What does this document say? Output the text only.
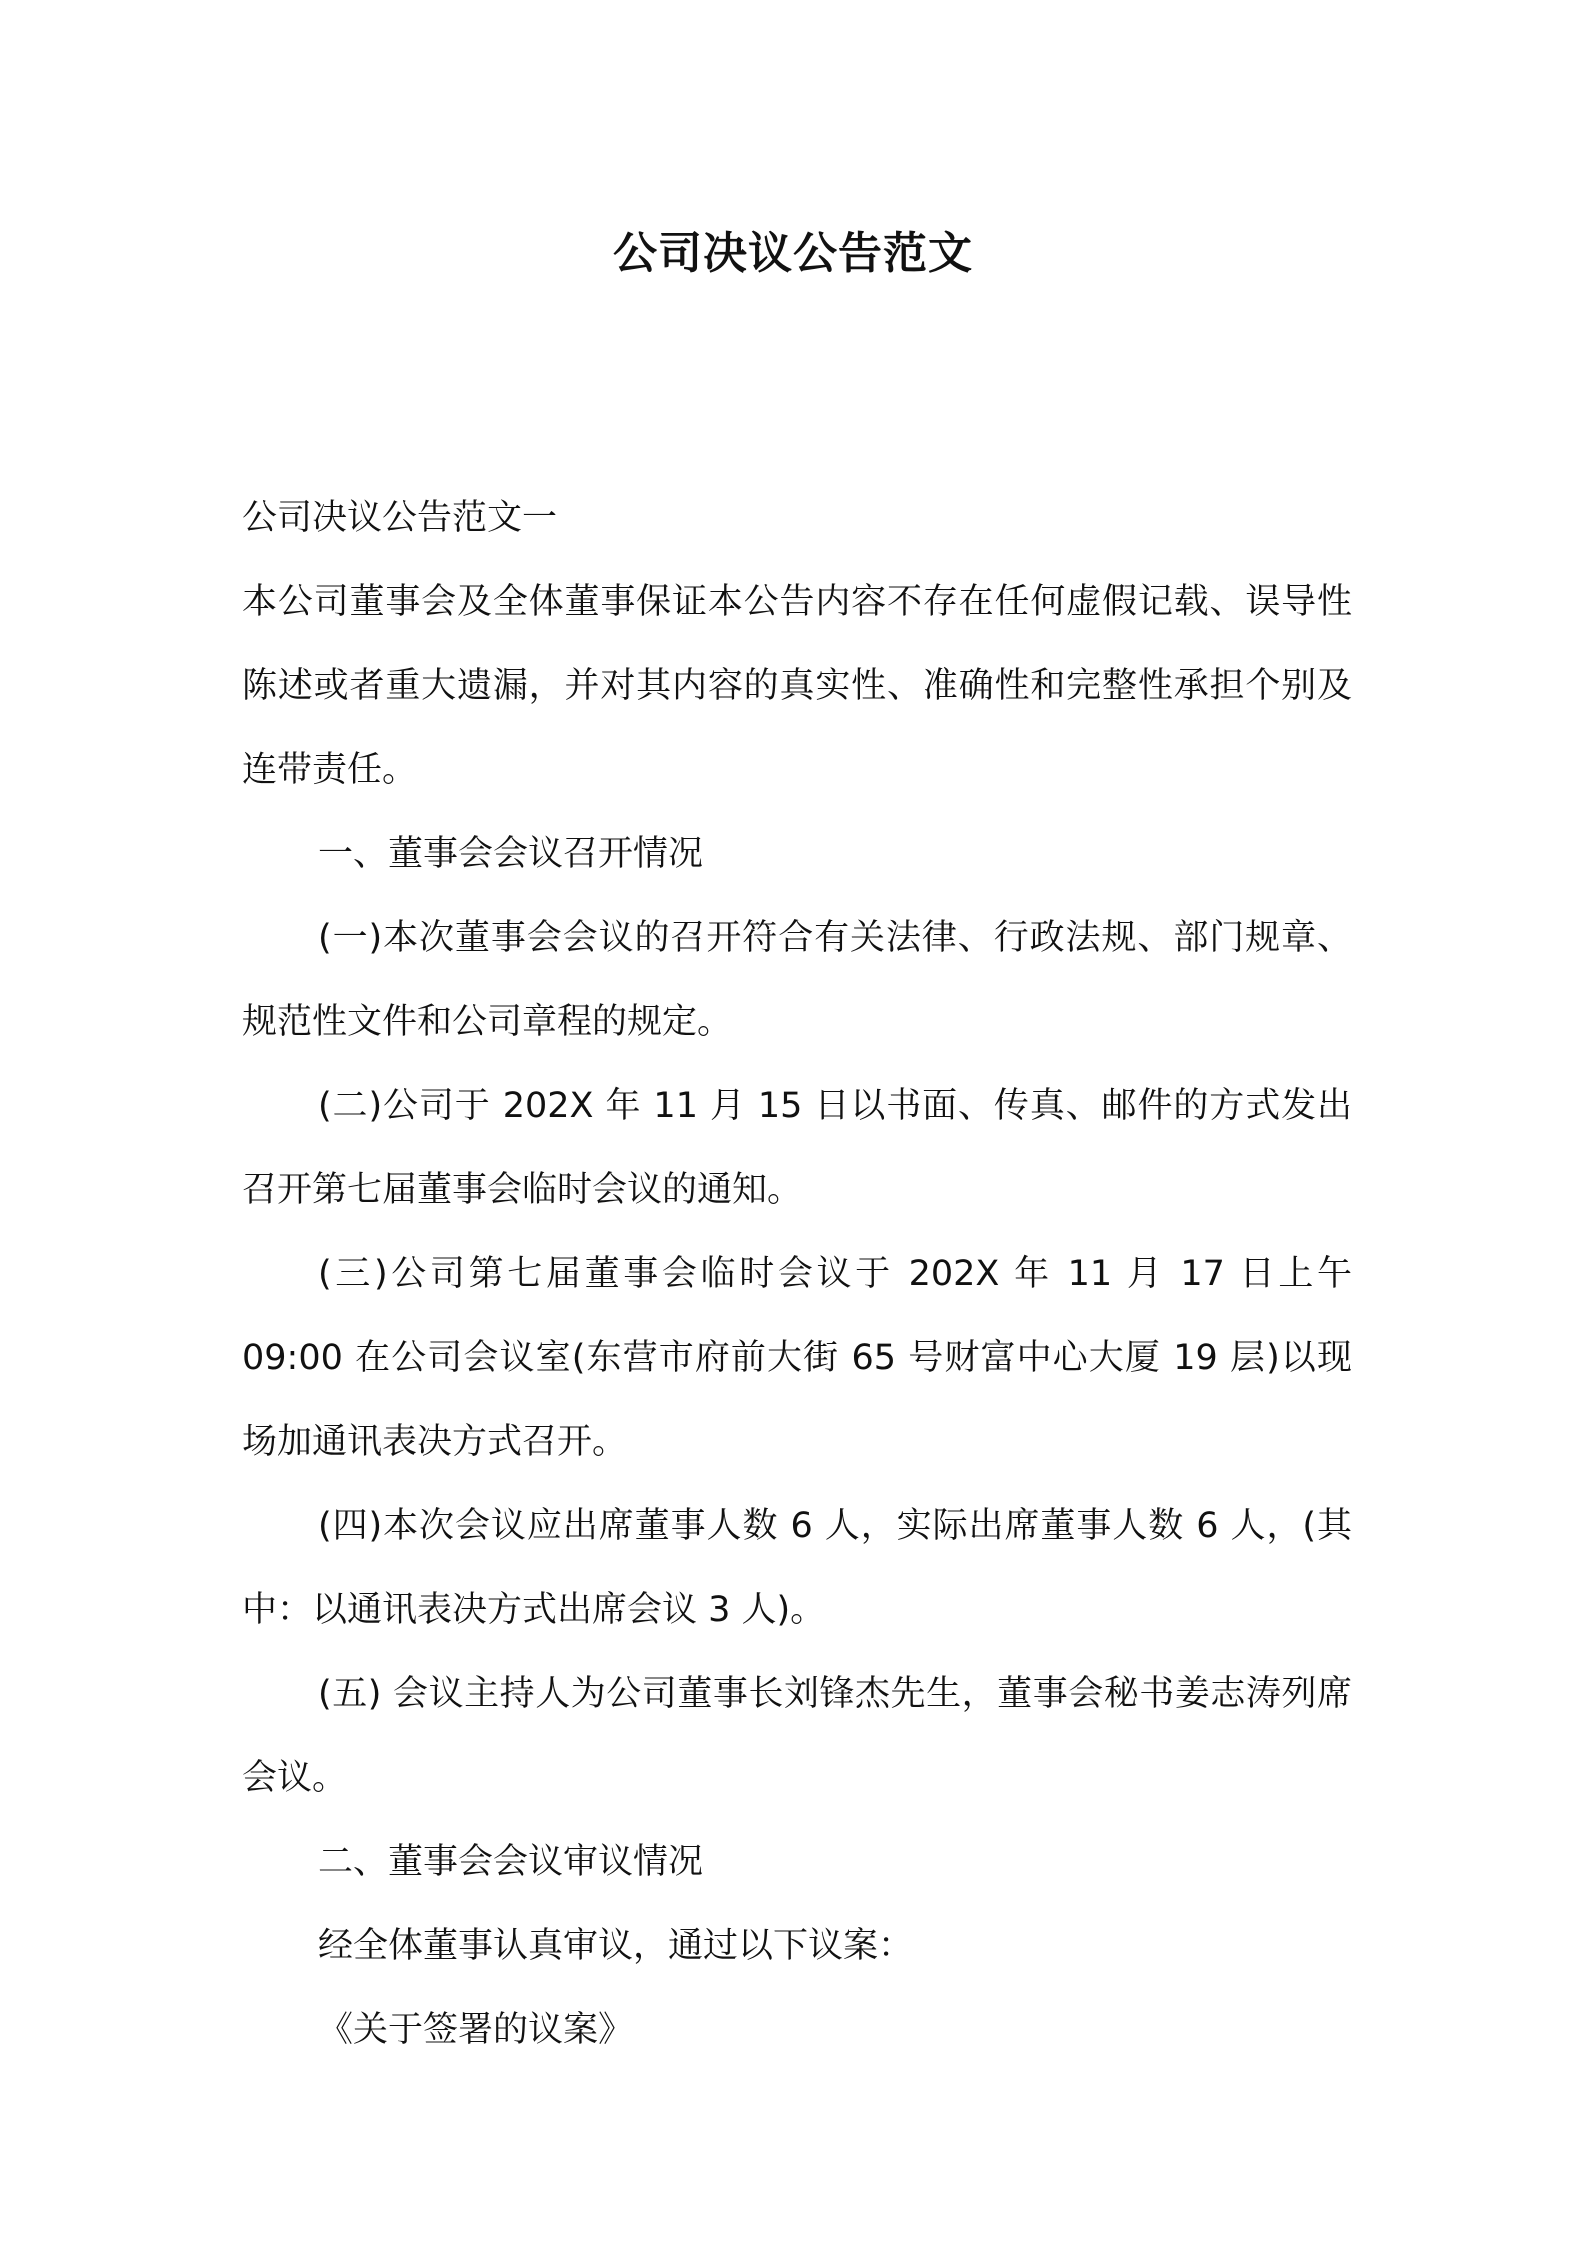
公司决议公告范文

公司决议公告范文一

本公司董事会及全体董事保证本公告内容不存在任何虚假记载、误导性陈述或者重大遗漏，并对其内容的真实性、准确性和完整性承担个别及连带责任。

一、董事会会议召开情况

(一)本次董事会会议的召开符合有关法律、行政法规、部门规章、规范性文件和公司章程的规定。

(二)公司于 202X 年 11 月 15 日以书面、传真、邮件的方式发出召开第七届董事会临时会议的通知。

(三)公司第七届董事会临时会议于 202X 年 11 月 17 日上午 09:00 在公司会议室(东营市府前大街 65 号财富中心大厦 19 层)以现场加通讯表决方式召开。

(四)本次会议应出席董事人数 6 人，实际出席董事人数 6 人，(其中：以通讯表决方式出席会议 3 人)。

(五) 会议主持人为公司董事长刘锋杰先生，董事会秘书姜志涛列席会议。

二、董事会会议审议情况

经全体董事认真审议，通过以下议案：

《关于签署的议案》
